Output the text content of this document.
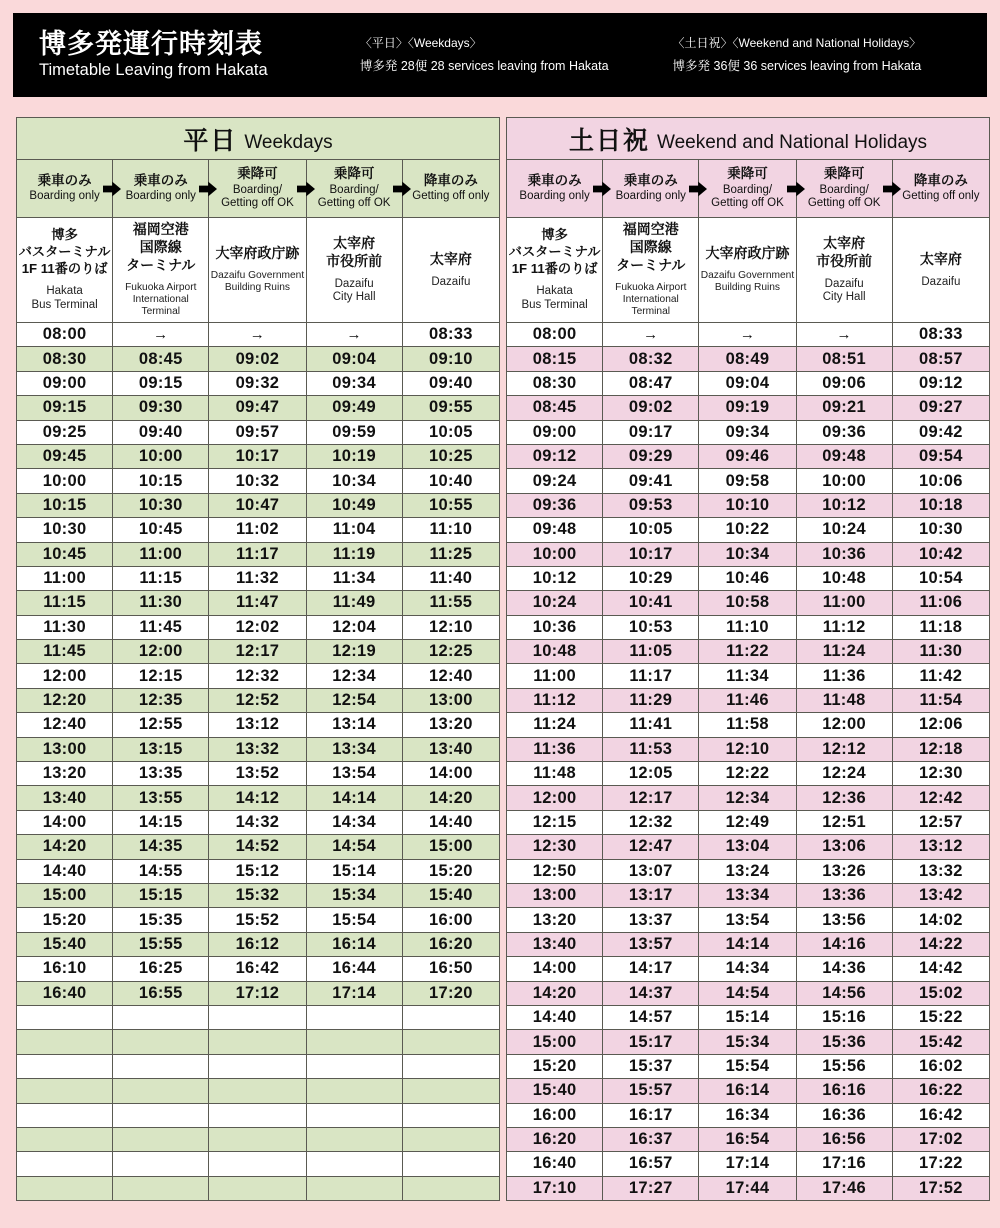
博多発運行時刻表
Timetable Leaving from Hakata
〈平日〉〈Weekdays〉
博多発 28便 28 services leaving from Hakata
〈土日祝〉〈Weekend and National Holidays〉
博多発 36便 36 services leaving from Hakata
平日 Weekdays				

乗車のみ
Boarding only

乗車のみ
Boarding only

乗降可
Boarding/
Getting off OK

乗降可
Boarding/
Getting off OK

降車のみ
Getting off only

博多
バスターミナル
1F 11番のりば
Hakata
Bus Terminal

福岡空港
国際線
ターミナル
Fukuoka Airport
International Terminal

大宰府政庁跡
Dazaifu Government
Building Ruins

太宰府
市役所前
Dazaifu
City Hall

太宰府
Dazaifu

08:00	→	→	→	08:33
08:30	08:45	09:02	09:04	09:10
09:00	09:15	09:32	09:34	09:40
09:15	09:30	09:47	09:49	09:55
09:25	09:40	09:57	09:59	10:05
09:45	10:00	10:17	10:19	10:25
10:00	10:15	10:32	10:34	10:40
10:15	10:30	10:47	10:49	10:55
10:30	10:45	11:02	11:04	11:10
10:45	11:00	11:17	11:19	11:25
11:00	11:15	11:32	11:34	11:40
11:15	11:30	11:47	11:49	11:55
11:30	11:45	12:02	12:04	12:10
11:45	12:00	12:17	12:19	12:25
12:00	12:15	12:32	12:34	12:40
12:20	12:35	12:52	12:54	13:00
12:40	12:55	13:12	13:14	13:20
13:00	13:15	13:32	13:34	13:40
13:20	13:35	13:52	13:54	14:00
13:40	13:55	14:12	14:14	14:20
14:00	14:15	14:32	14:34	14:40
14:20	14:35	14:52	14:54	15:00
14:40	14:55	15:12	15:14	15:20
15:00	15:15	15:32	15:34	15:40
15:20	15:35	15:52	15:54	16:00
15:40	15:55	16:12	16:14	16:20
16:10	16:25	16:42	16:44	16:50
16:40	16:55	17:12	17:14	17:20

土日祝 Weekend and National Holidays				

乗車のみ
Boarding only

乗車のみ
Boarding only

乗降可
Boarding/
Getting off OK

乗降可
Boarding/
Getting off OK

降車のみ
Getting off only

博多
バスターミナル
1F 11番のりば
Hakata
Bus Terminal

福岡空港
国際線
ターミナル
Fukuoka Airport
International Terminal

大宰府政庁跡
Dazaifu Government
Building Ruins

太宰府
市役所前
Dazaifu
City Hall

太宰府
Dazaifu

08:00	→	→	→	08:33
08:15	08:32	08:49	08:51	08:57
08:30	08:47	09:04	09:06	09:12
08:45	09:02	09:19	09:21	09:27
09:00	09:17	09:34	09:36	09:42
09:12	09:29	09:46	09:48	09:54
09:24	09:41	09:58	10:00	10:06
09:36	09:53	10:10	10:12	10:18
09:48	10:05	10:22	10:24	10:30
10:00	10:17	10:34	10:36	10:42
10:12	10:29	10:46	10:48	10:54
10:24	10:41	10:58	11:00	11:06
10:36	10:53	11:10	11:12	11:18
10:48	11:05	11:22	11:24	11:30
11:00	11:17	11:34	11:36	11:42
11:12	11:29	11:46	11:48	11:54
11:24	11:41	11:58	12:00	12:06
11:36	11:53	12:10	12:12	12:18
11:48	12:05	12:22	12:24	12:30
12:00	12:17	12:34	12:36	12:42
12:15	12:32	12:49	12:51	12:57
12:30	12:47	13:04	13:06	13:12
12:50	13:07	13:24	13:26	13:32
13:00	13:17	13:34	13:36	13:42
13:20	13:37	13:54	13:56	14:02
13:40	13:57	14:14	14:16	14:22
14:00	14:17	14:34	14:36	14:42
14:20	14:37	14:54	14:56	15:02
14:40	14:57	15:14	15:16	15:22
15:00	15:17	15:34	15:36	15:42
15:20	15:37	15:54	15:56	16:02
15:40	15:57	16:14	16:16	16:22
16:00	16:17	16:34	16:36	16:42
16:20	16:37	16:54	16:56	17:02
16:40	16:57	17:14	17:16	17:22
17:10	17:27	17:44	17:46	17:52
